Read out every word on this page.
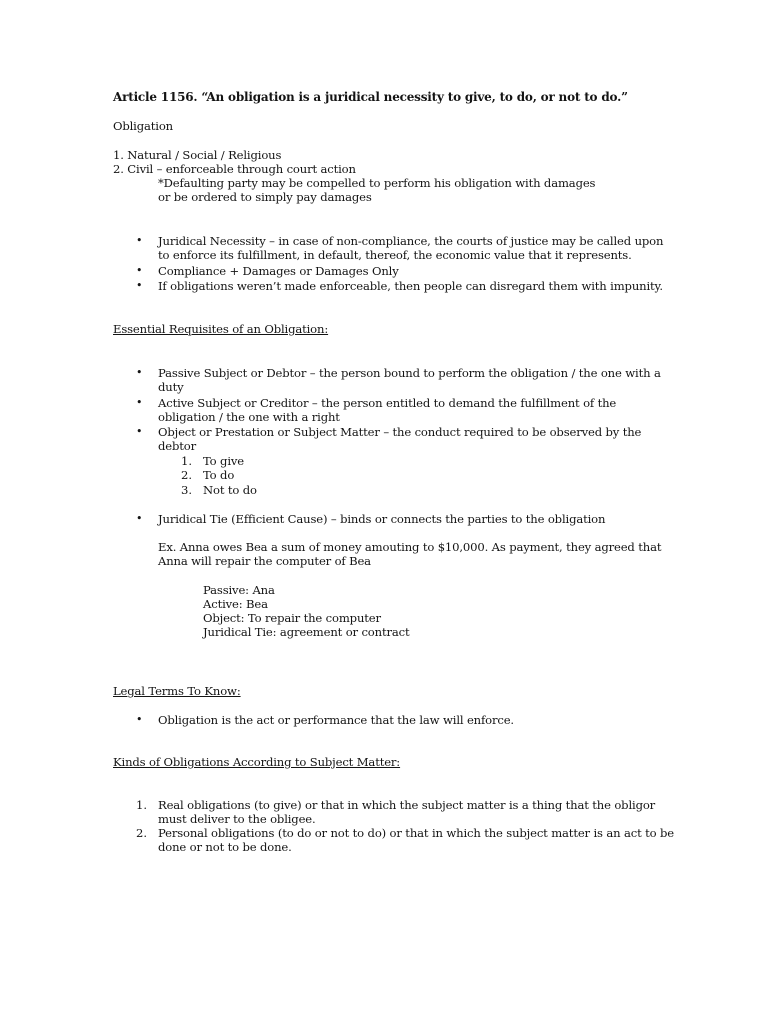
Article 1156. “An obligation is a juridical necessity to give, to do, or not to do.”

Obligation

1. Natural / Social / Religious

2. Civil – enforceable through court action

*Defaulting party may be compelled to perform his obligation with damages

or be ordered to simply pay damages

• Juridical Necessity – in case of non-compliance, the courts of justice may be called upon

to enforce its fulfillment, in default, thereof, the economic value that it represents.

• Compliance + Damages or Damages Only

• If obligations weren’t made enforceable, then people can disregard them with impunity.

Essential Requisites of an Obligation:

• Passive Subject or Debtor – the person bound to perform the obligation / the one with a

duty

• Active Subject or Creditor – the person entitled to demand the fulfillment of the

obligation / the one with a right

• Object or Prestation or Subject Matter – the conduct required to be observed by the

debtor

1. To give

2. To do

3. Not to do

• Juridical Tie (Efficient Cause) – binds or connects the parties to the obligation

Ex. Anna owes Bea a sum of money amouting to $10,000. As payment, they agreed that

Anna will repair the computer of Bea

Passive: Ana

Active: Bea

Object: To repair the computer

Juridical Tie: agreement or contract

Legal Terms To Know:

• Obligation is the act or performance that the law will enforce.

Kinds of Obligations According to Subject Matter:

1. Real obligations (to give) or that in which the subject matter is a thing that the obligor

must deliver to the obligee.

2. Personal obligations (to do or not to do) or that in which the subject matter is an act to be

done or not to be done.
